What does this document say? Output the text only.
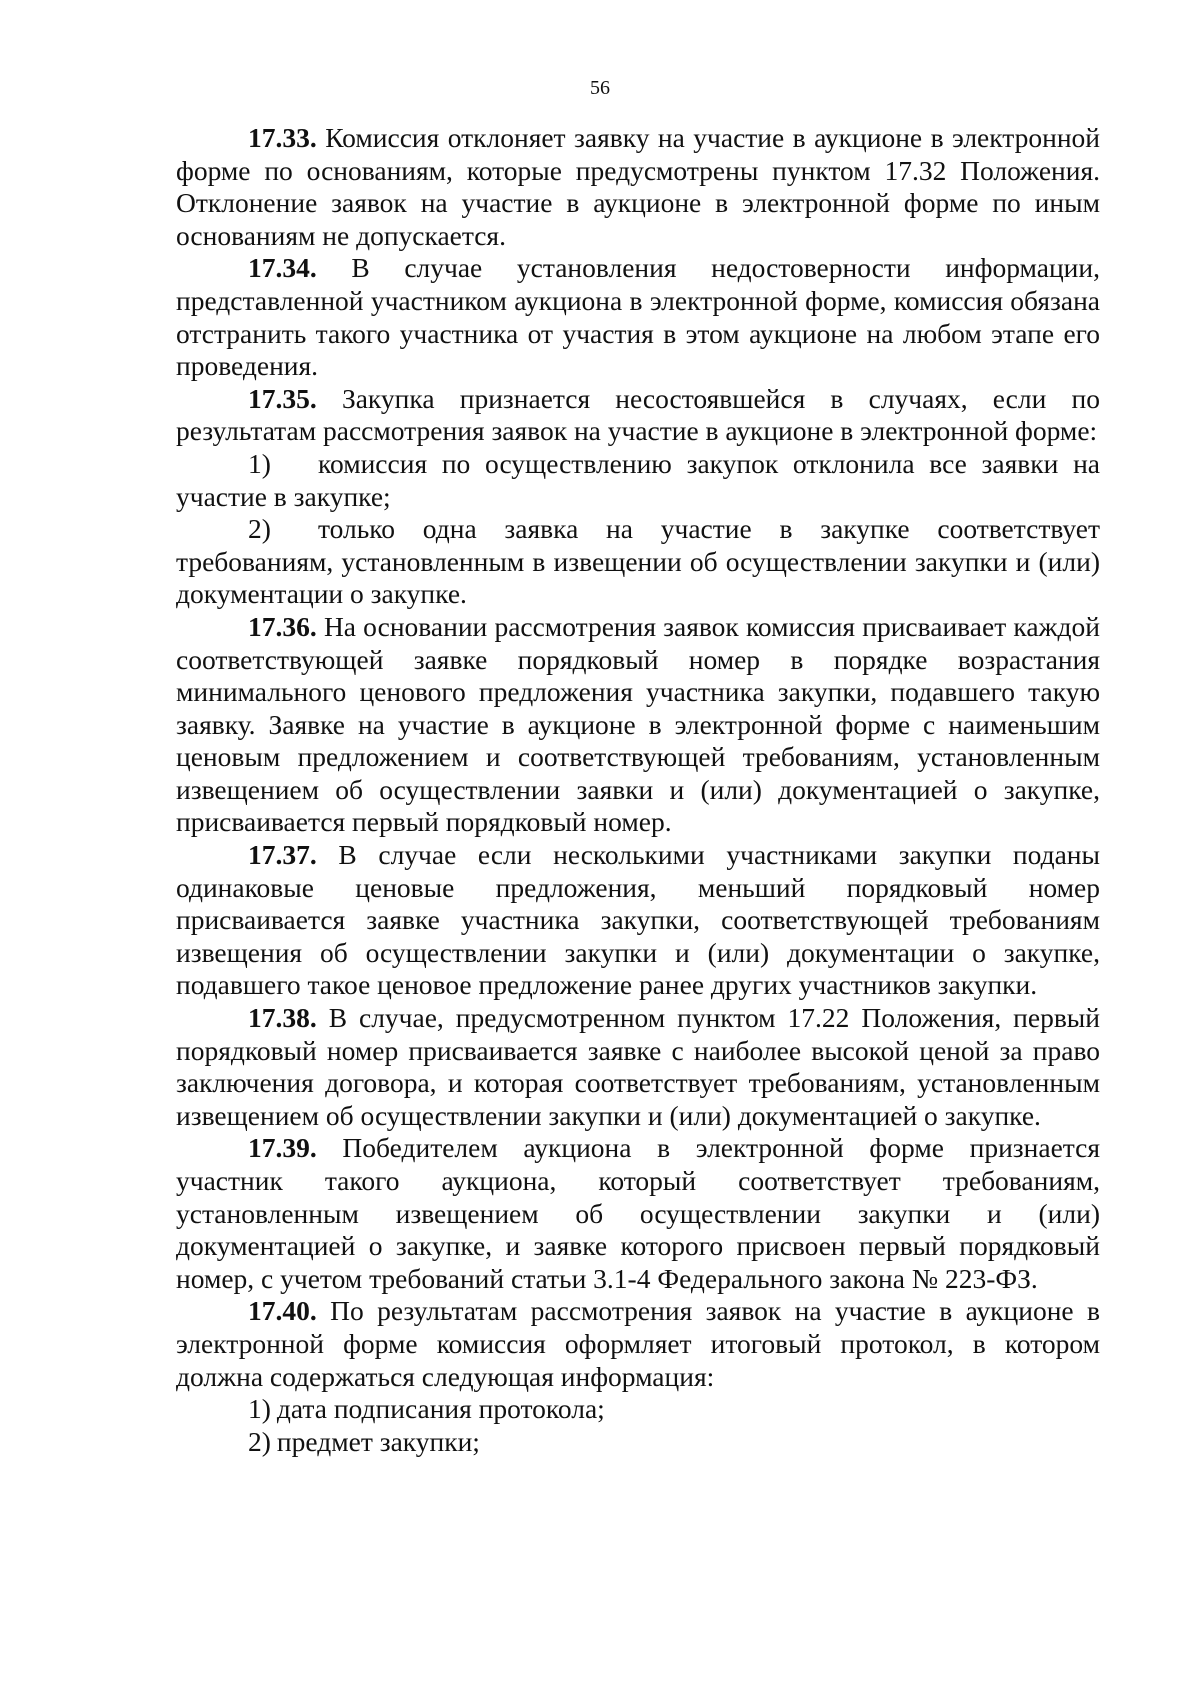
56

17.33. Комиссия отклоняет заявку на участие в аукционе в электронной форме по основаниям, которые предусмотрены пунктом 17.32 Положения. Отклонение заявок на участие в аукционе в электронной форме по иным основаниям не допускается.

17.34. В случае установления недостоверности информации, представленной участником аукциона в электронной форме, комиссия обязана отстранить такого участника от участия в этом аукционе на любом этапе его проведения.

17.35. Закупка признается несостоявшейся в случаях, если по результатам рассмотрения заявок на участие в аукционе в электронной форме:

1) комиссия по осуществлению закупок отклонила все заявки на участие в закупке;

2) только одна заявка на участие в закупке соответствует требованиям, установленным в извещении об осуществлении закупки и (или) документации о закупке.

17.36. На основании рассмотрения заявок комиссия присваивает каждой соответствующей заявке порядковый номер в порядке возрастания минимального ценового предложения участника закупки, подавшего такую заявку. Заявке на участие в аукционе в электронной форме с наименьшим ценовым предложением и соответствующей требованиям, установленным извещением об осуществлении заявки и (или) документацией о закупке, присваивается первый порядковый номер.

17.37. В случае если несколькими участниками закупки поданы одинаковые ценовые предложения, меньший порядковый номер присваивается заявке участника закупки, соответствующей требованиям извещения об осуществлении закупки и (или) документации о закупке, подавшего такое ценовое предложение ранее других участников закупки.

17.38. В случае, предусмотренном пунктом 17.22 Положения, первый порядковый номер присваивается заявке с наиболее высокой ценой за право заключения договора, и которая соответствует требованиям, установленным извещением об осуществлении закупки и (или) документацией о закупке.

17.39. Победителем аукциона в электронной форме признается участник такого аукциона, который соответствует требованиям, установленным извещением об осуществлении закупки и (или) документацией о закупке, и заявке которого присвоен первый порядковый номер, с учетом требований статьи 3.1-4 Федерального закона № 223-ФЗ.

17.40. По результатам рассмотрения заявок на участие в аукционе в электронной форме комиссия оформляет итоговый протокол, в котором должна содержаться следующая информация:

1) дата подписания протокола;

2) предмет закупки;
